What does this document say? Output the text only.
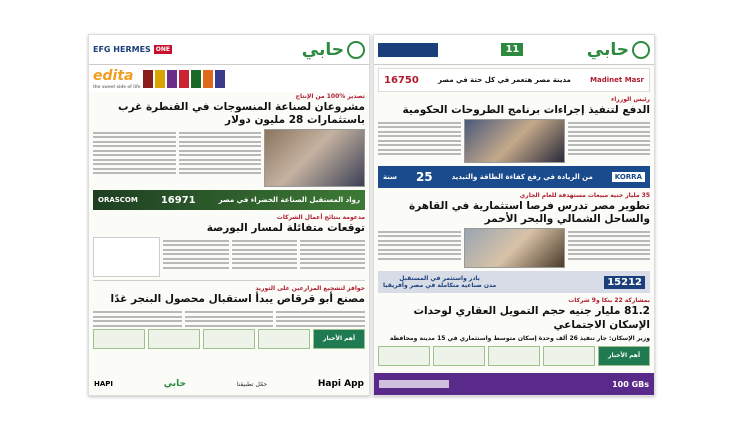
حابي
EFG HERMES ONE
edita
the sweet side of life
تصدير %100 من الإنتاج
مشروعان لصناعة المنسوجات في القنطرة غرب باستثمارات 28 مليون دولار
رواد المستقبل الصناعة الخضراء في مصر
16971
ORASCOM
مدعومة بنتائج أعمال الشركات
توقعات متفائلة لمسار البورصة
حوافز لتشجيع المزارعين على التوريد
مصنع أبو قرقاص يبدأ استقبال محصول البنجر غدًا
أهم الأخبار
Hapi App
حمّل تطبيقنا
حابي
HAPI
حابي
11
Madinet Masr
مدينة مصر هتعمر في كل حتة في مصر
16750
رئيس الوزراء
الدفع لتنفيذ إجراءات برنامج الطروحات الحكومية
KORRA
من الريادة في رفع كفاءة الطاقة والتبديد
25
سنة
35 مليار جنيه مبيعات مستهدفة للعام الجاري
تطوير مصر تدرس فرصا استثمارية في القاهرة والساحل الشمالي والبحر الأحمر
15212
بادر واستثمر في المستقبل
مدن صناعية متكاملة في مصر وأفريقيا
بمشاركة 22 بنكا و9 شركات
81.2 مليار جنيه حجم التمويل العقاري لوحدات الإسكان الاجتماعي
وزير الإسكان: جار تنفيذ 26 ألف وحدة إسكان متوسط واستثماري في 15 مدينة ومحافظة
أهم الأخبار
100 GBs
